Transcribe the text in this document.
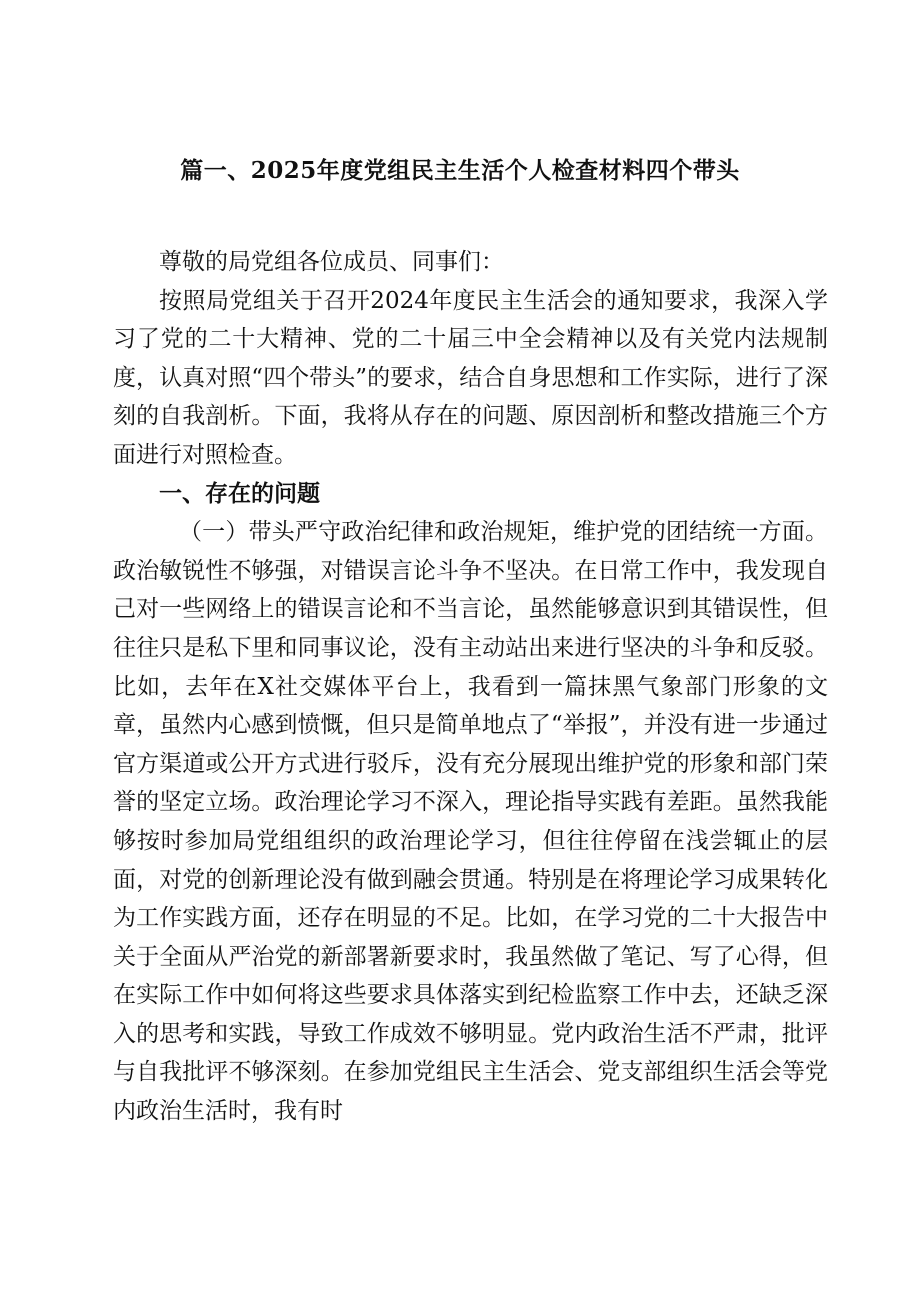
篇一、2025年度党组民主生活个人检查材料四个带头

尊敬的局党组各位成员、同事们：

按照局党组关于召开2024年度民主生活会的通知要求，我深入学习了党的二十大精神、党的二十届三中全会精神以及有关党内法规制度，认真对照“四个带头”的要求，结合自身思想和工作实际，进行了深刻的自我剖析。下面，我将从存在的问题、原因剖析和整改措施三个方面进行对照检查。

一、存在的问题

（一）带头严守政治纪律和政治规矩，维护党的团结统一方面。政治敏锐性不够强，对错误言论斗争不坚决。在日常工作中，我发现自己对一些网络上的错误言论和不当言论，虽然能够意识到其错误性，但往往只是私下里和同事议论，没有主动站出来进行坚决的斗争和反驳。比如，去年在X社交媒体平台上，我看到一篇抹黑气象部门形象的文章，虽然内心感到愤慨，但只是简单地点了“举报”，并没有进一步通过官方渠道或公开方式进行驳斥，没有充分展现出维护党的形象和部门荣誉的坚定立场。政治理论学习不深入，理论指导实践有差距。虽然我能够按时参加局党组组织的政治理论学习，但往往停留在浅尝辄止的层面，对党的创新理论没有做到融会贯通。特别是在将理论学习成果转化为工作实践方面，还存在明显的不足。比如，在学习党的二十大报告中关于全面从严治党的新部署新要求时，我虽然做了笔记、写了心得，但在实际工作中如何将这些要求具体落实到纪检监察工作中去，还缺乏深入的思考和实践，导致工作成效不够明显。党内政治生活不严肃，批评与自我批评不够深刻。在参加党组民主生活会、党支部组织生活会等党内政治生活时，我有时
